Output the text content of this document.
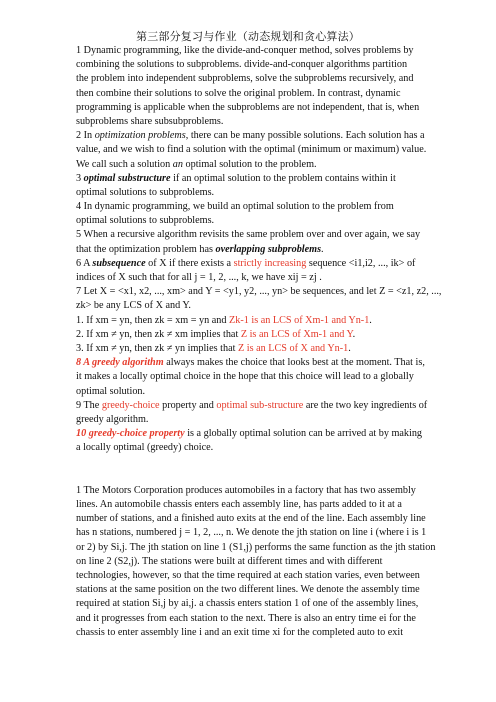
第三部分复习与作业（动态规划和贪心算法）
1 Dynamic programming, like the divide-and-conquer method, solves problems by
combining the solutions to subproblems. divide-and-conquer algorithms partition
the problem into independent subproblems, solve the subproblems recursively, and
then combine their solutions to solve the original problem. In contrast, dynamic
programming is applicable when the subproblems are not independent, that is, when
subproblems share subsubproblems.
2 In optimization problems, there can be many possible solutions. Each solution has a
value, and we wish to find a solution with the optimal (minimum or maximum) value.
We call such a solution an optimal solution to the problem.
3 optimal substructure if an optimal solution to the problem contains within it
optimal solutions to subproblems.
4 In dynamic programming, we build an optimal solution to the problem from
optimal solutions to subproblems.
5 When a recursive algorithm revisits the same problem over and over again, we say
that the optimization problem has overlapping subproblems.
6 A subsequence of X if there exists a strictly increasing sequence <i1,i2, ..., ik> of
indices of X such that for all j = 1, 2, ..., k, we have xij = zj .
7 Let X = <x1, x2, ..., xm> and Y = <y1, y2, ..., yn> be sequences, and let Z = <z1, z2, ...,
zk> be any LCS of X and Y.
1. If xm = yn, then zk = xm = yn and Zk-1 is an LCS of Xm-1 and Yn-1.
2. If xm ≠ yn, then zk ≠ xm implies that Z is an LCS of Xm-1 and Y.
3. If xm ≠ yn, then zk ≠ yn implies that Z is an LCS of X and Yn-1.
8 A greedy algorithm always makes the choice that looks best at the moment. That is,
it makes a locally optimal choice in the hope that this choice will lead to a globally
optimal solution.
9 The greedy-choice property and optimal sub-structure are the two key ingredients of
greedy algorithm.
10 greedy-choice property is a globally optimal solution can be arrived at by making
a locally optimal (greedy) choice.
1 The Motors Corporation produces automobiles in a factory that has two assembly
lines. An automobile chassis enters each assembly line, has parts added to it at a
number of stations, and a finished auto exits at the end of the line. Each assembly line
has n stations, numbered j = 1, 2, ..., n. We denote the jth station on line i (where i is 1
or 2) by Si,j. The jth station on line 1 (S1,j) performs the same function as the jth station
on line 2 (S2,j). The stations were built at different times and with different
technologies, however, so that the time required at each station varies, even between
stations at the same position on the two different lines. We denote the assembly time
required at station Si,j by ai,j. a chassis enters station 1 of one of the assembly lines,
and it progresses from each station to the next. There is also an entry time ei for the
chassis to enter assembly line i and an exit time xi for the completed auto to exit
